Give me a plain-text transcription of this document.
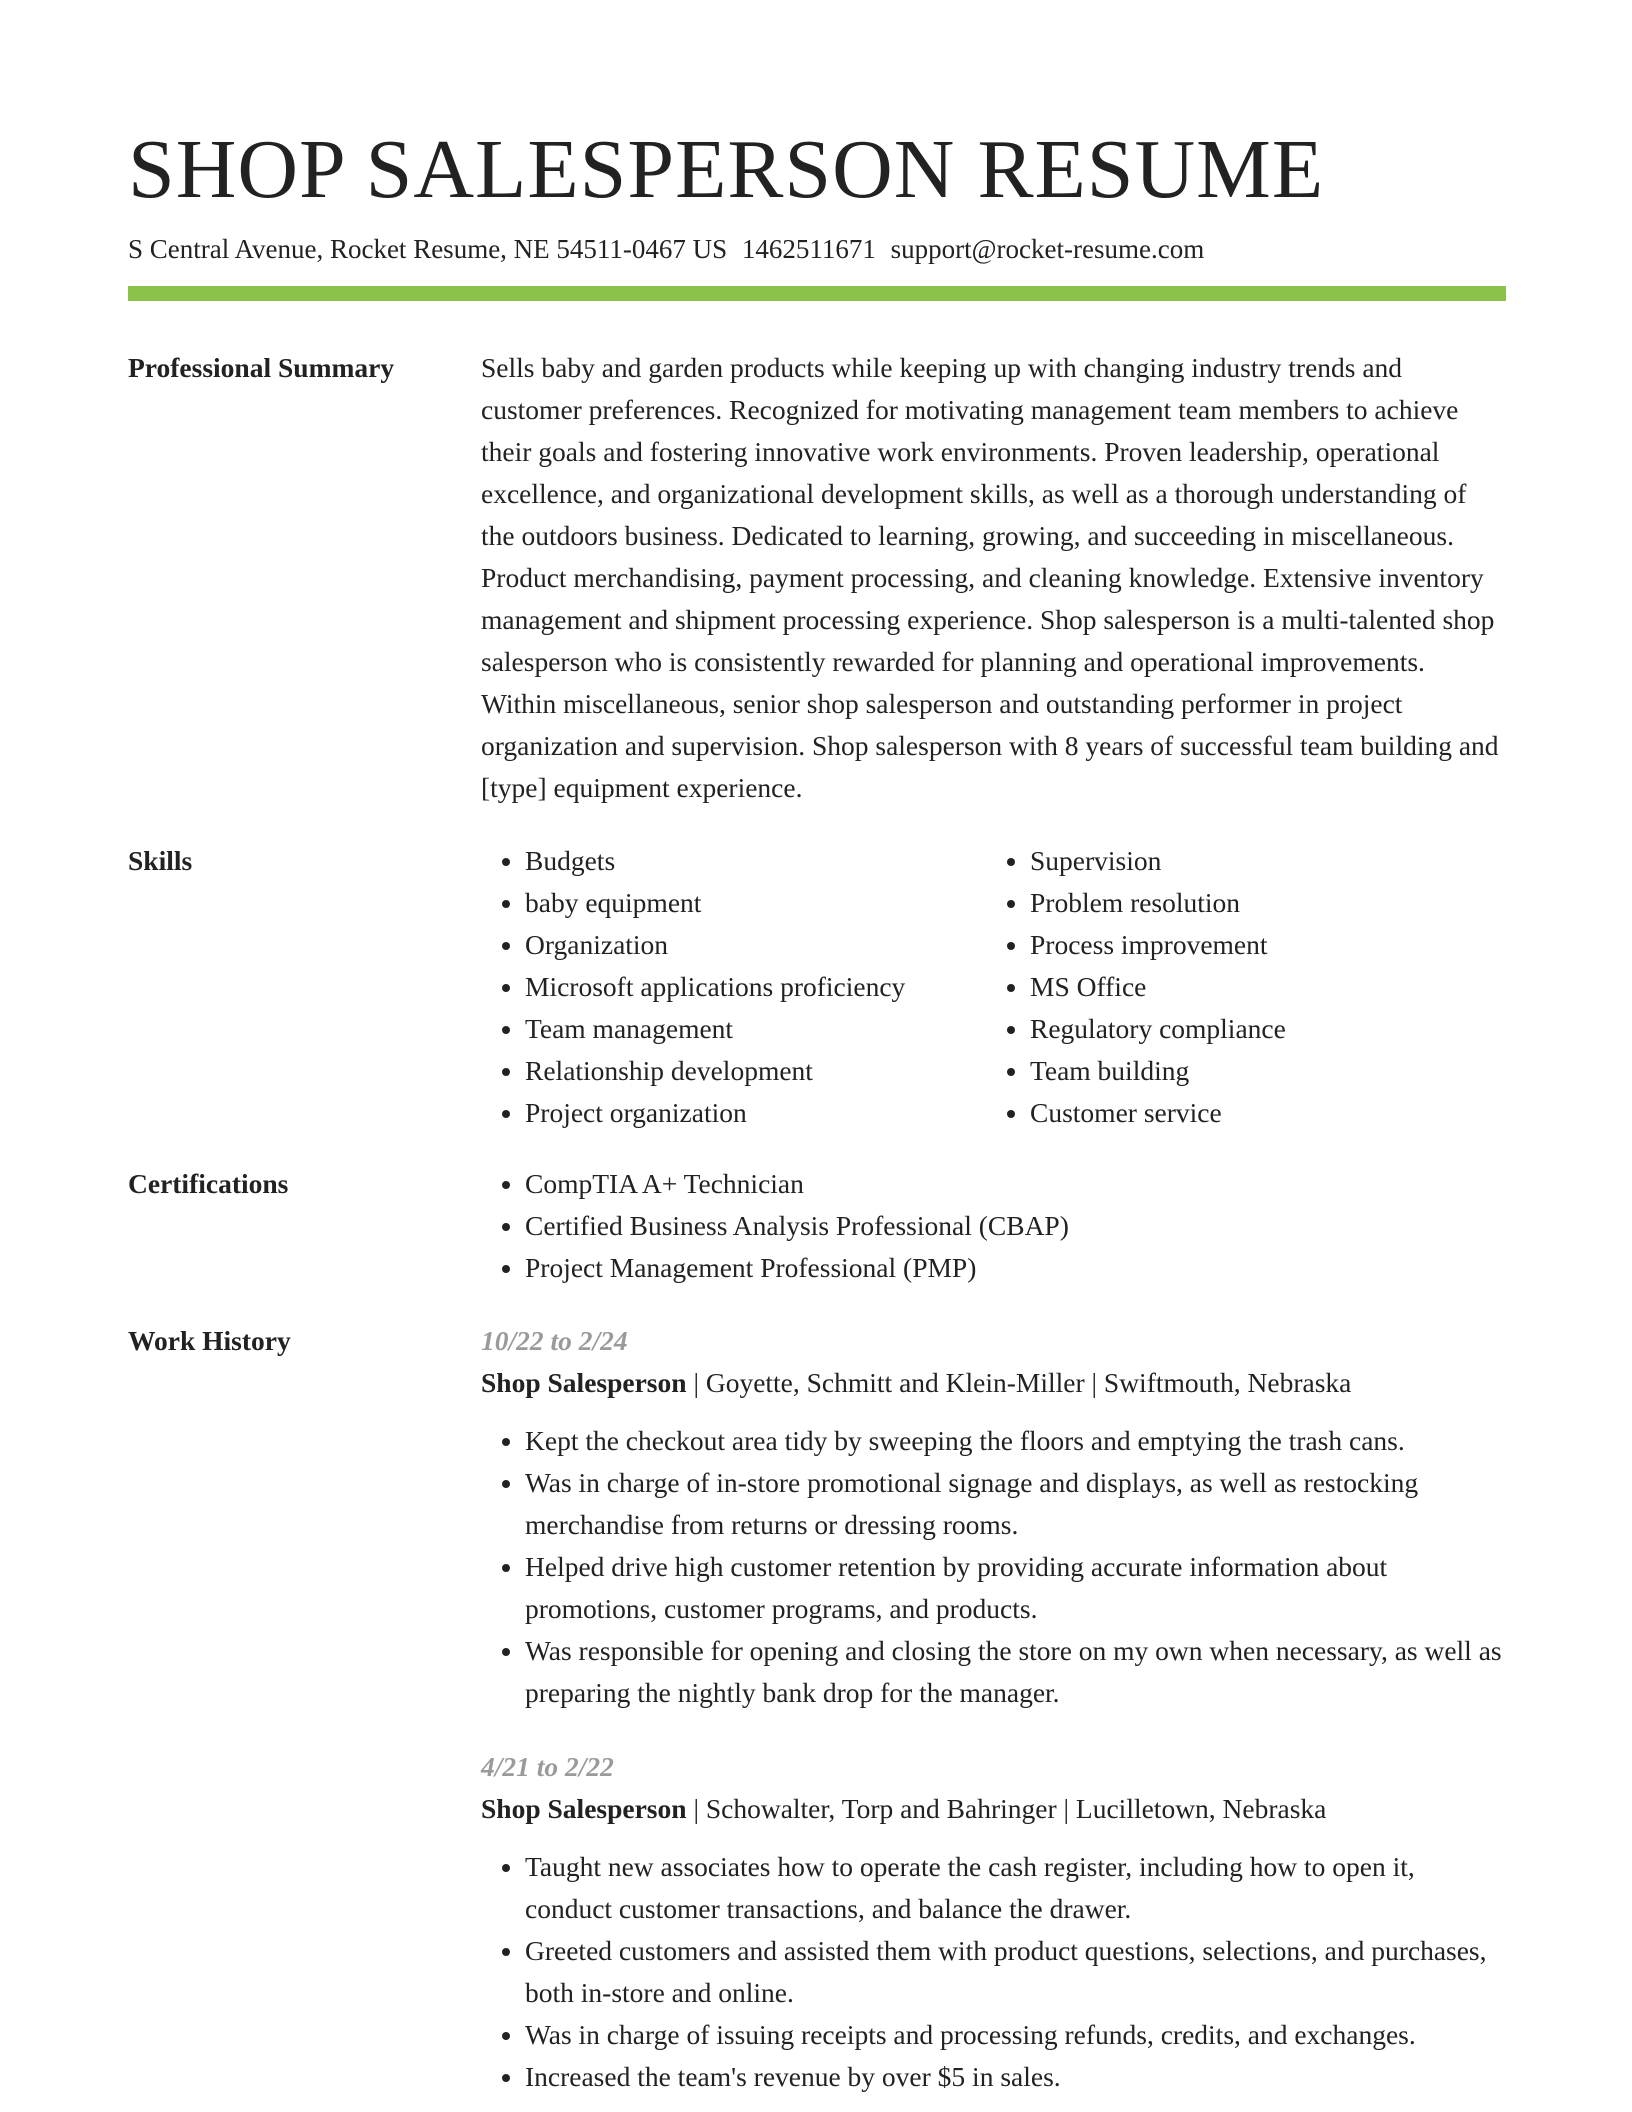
SHOP SALESPERSON RESUME
S Central Avenue, Rocket Resume, NE 54511-0467 US 1462511671 support@rocket-resume.com
Professional Summary	Sells baby and garden products while keeping up with changing industry trends and customer preferences. Recognized for motivating management team members to achieve their goals and fostering innovative work environments. Proven leadership, operational excellence, and organizational development skills, as well as a thorough understanding of the outdoors business. Dedicated to learning, growing, and succeeding in miscellaneous. Product merchandising, payment processing, and cleaning knowledge. Extensive inventory management and shipment processing experience. Shop salesperson is a multi-talented shop salesperson who is consistently rewarded for planning and operational improvements. Within miscellaneous, senior shop salesperson and outstanding performer in project organization and supervision. Shop salesperson with 8 years of successful team building and [type] equipment experience.

Skills	• Budgets
• baby equipment
• Organization
• Microsoft applications proficiency
• Team management
• Relationship development
• Project organization
• Supervision
• Problem resolution
• Process improvement
• MS Office
• Regulatory compliance
• Team building
• Customer service
Certifications	• CompTIA A+ Technician
• Certified Business Analysis Professional (CBAP)
• Project Management Professional (PMP)
Work History	10/22 to 2/24
Shop Salesperson | Goyette, Schmitt and Klein-Miller | Swiftmouth, Nebraska
• Kept the checkout area tidy by sweeping the floors and emptying the trash cans.
• Was in charge of in-store promotional signage and displays, as well as restocking merchandise from returns or dressing rooms.
• Helped drive high customer retention by providing accurate information about promotions, customer programs, and products.
• Was responsible for opening and closing the store on my own when necessary, as well as preparing the nightly bank drop for the manager.
4/21 to 2/22
Shop Salesperson | Schowalter, Torp and Bahringer | Lucilletown, Nebraska
• Taught new associates how to operate the cash register, including how to open it, conduct customer transactions, and balance the drawer.
• Greeted customers and assisted them with product questions, selections, and purchases, both in-store and online.
• Was in charge of issuing receipts and processing refunds, credits, and exchanges.
• Increased the team's revenue by over $5 in sales.
